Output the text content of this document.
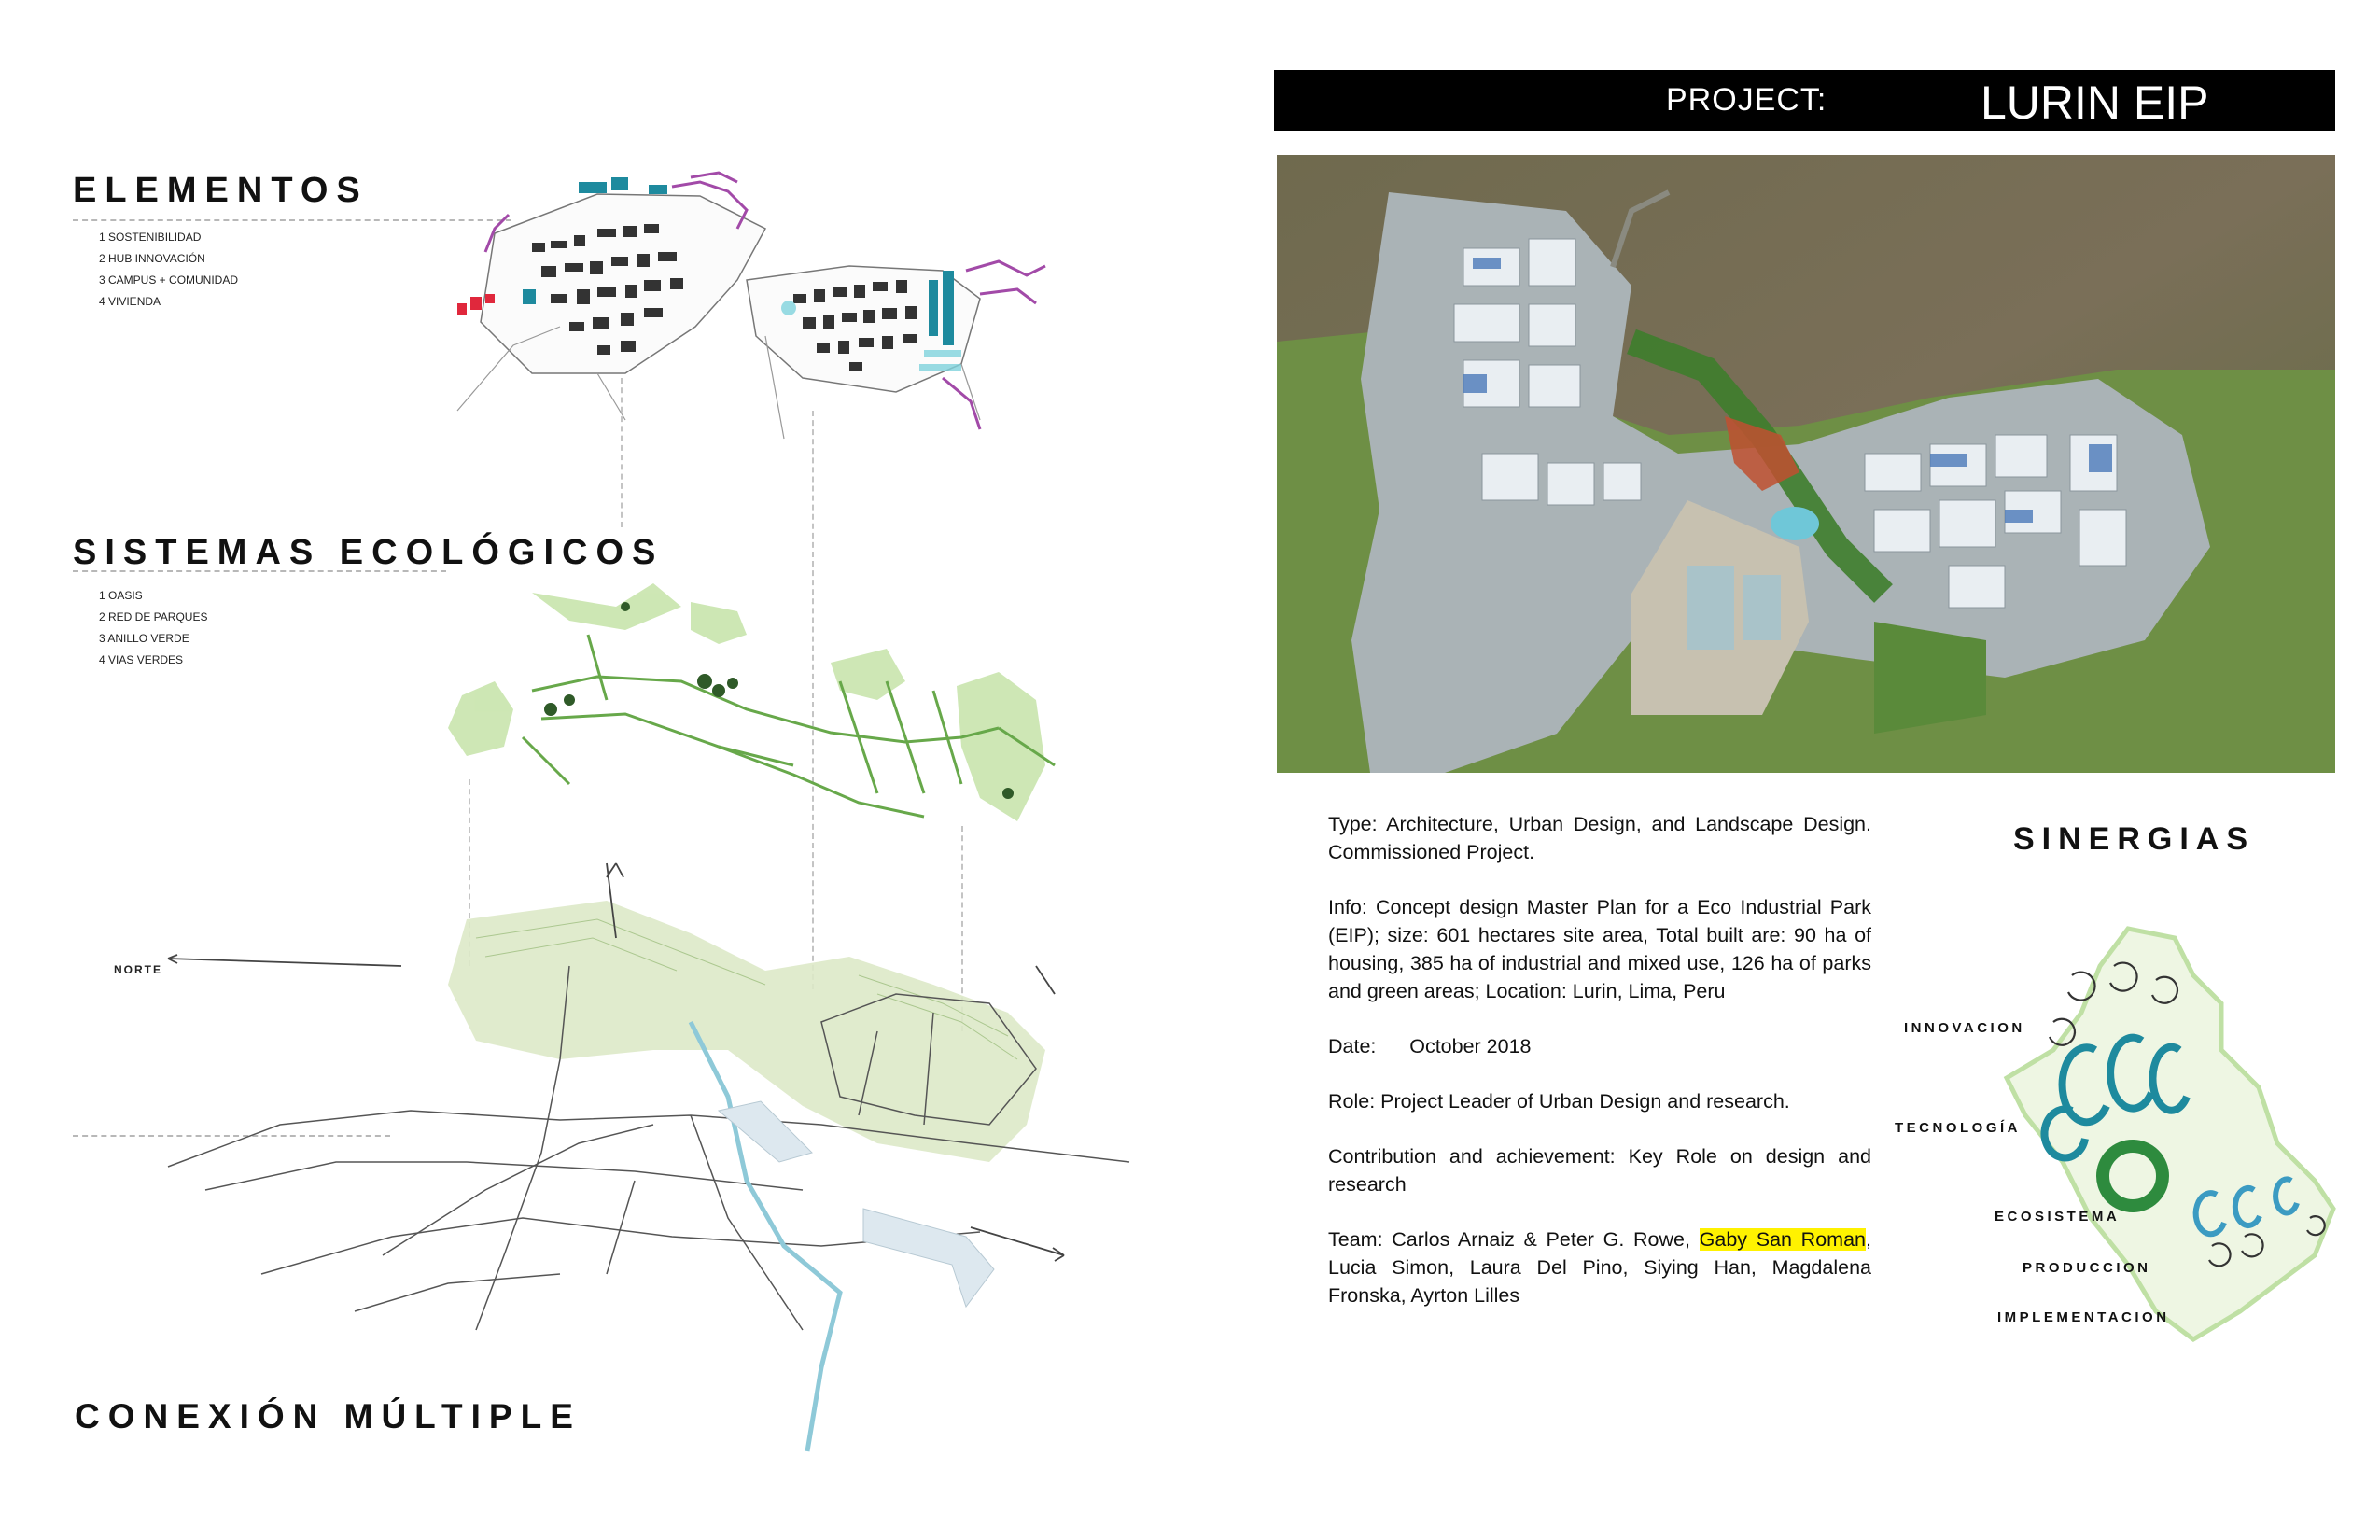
ELEMENTOS
1 SOSTENIBILIDAD
2 HUB INNOVACIÓN
3 CAMPUS + COMUNIDAD
4 VIVIENDA
SISTEMAS ECOLÓGICOS
1 OASIS
2 RED DE PARQUES
3 ANILLO VERDE
4 VIAS VERDES
CONEXIÓN MÚLTIPLE
NORTE
PROJECT:	LURIN EIP

Type: Architecture, Urban Design, and Landscape Design. Commissioned Project.

Info: Concept design Master Plan for a Eco Industrial Park (EIP); size: 601 hectares site area, Total built are: 90 ha of housing, 385 ha of industrial and mixed use, 126 ha of parks and green areas; Location: Lurin, Lima, Peru

Date:      October 2018

Role: Project Leader of Urban Design and research.

Contribution and achievement: Key Role on design and research

Team: Carlos Arnaiz & Peter G. Rowe, Gaby San Roman, Lucia Simon, Laura Del Pino, Siying Han, Magdalena Fronska, Ayrton Lilles

SINERGIAS
INNOVACION
TECNOLOGÍA
ECOSISTEMA
PRODUCCION
IMPLEMENTACION
